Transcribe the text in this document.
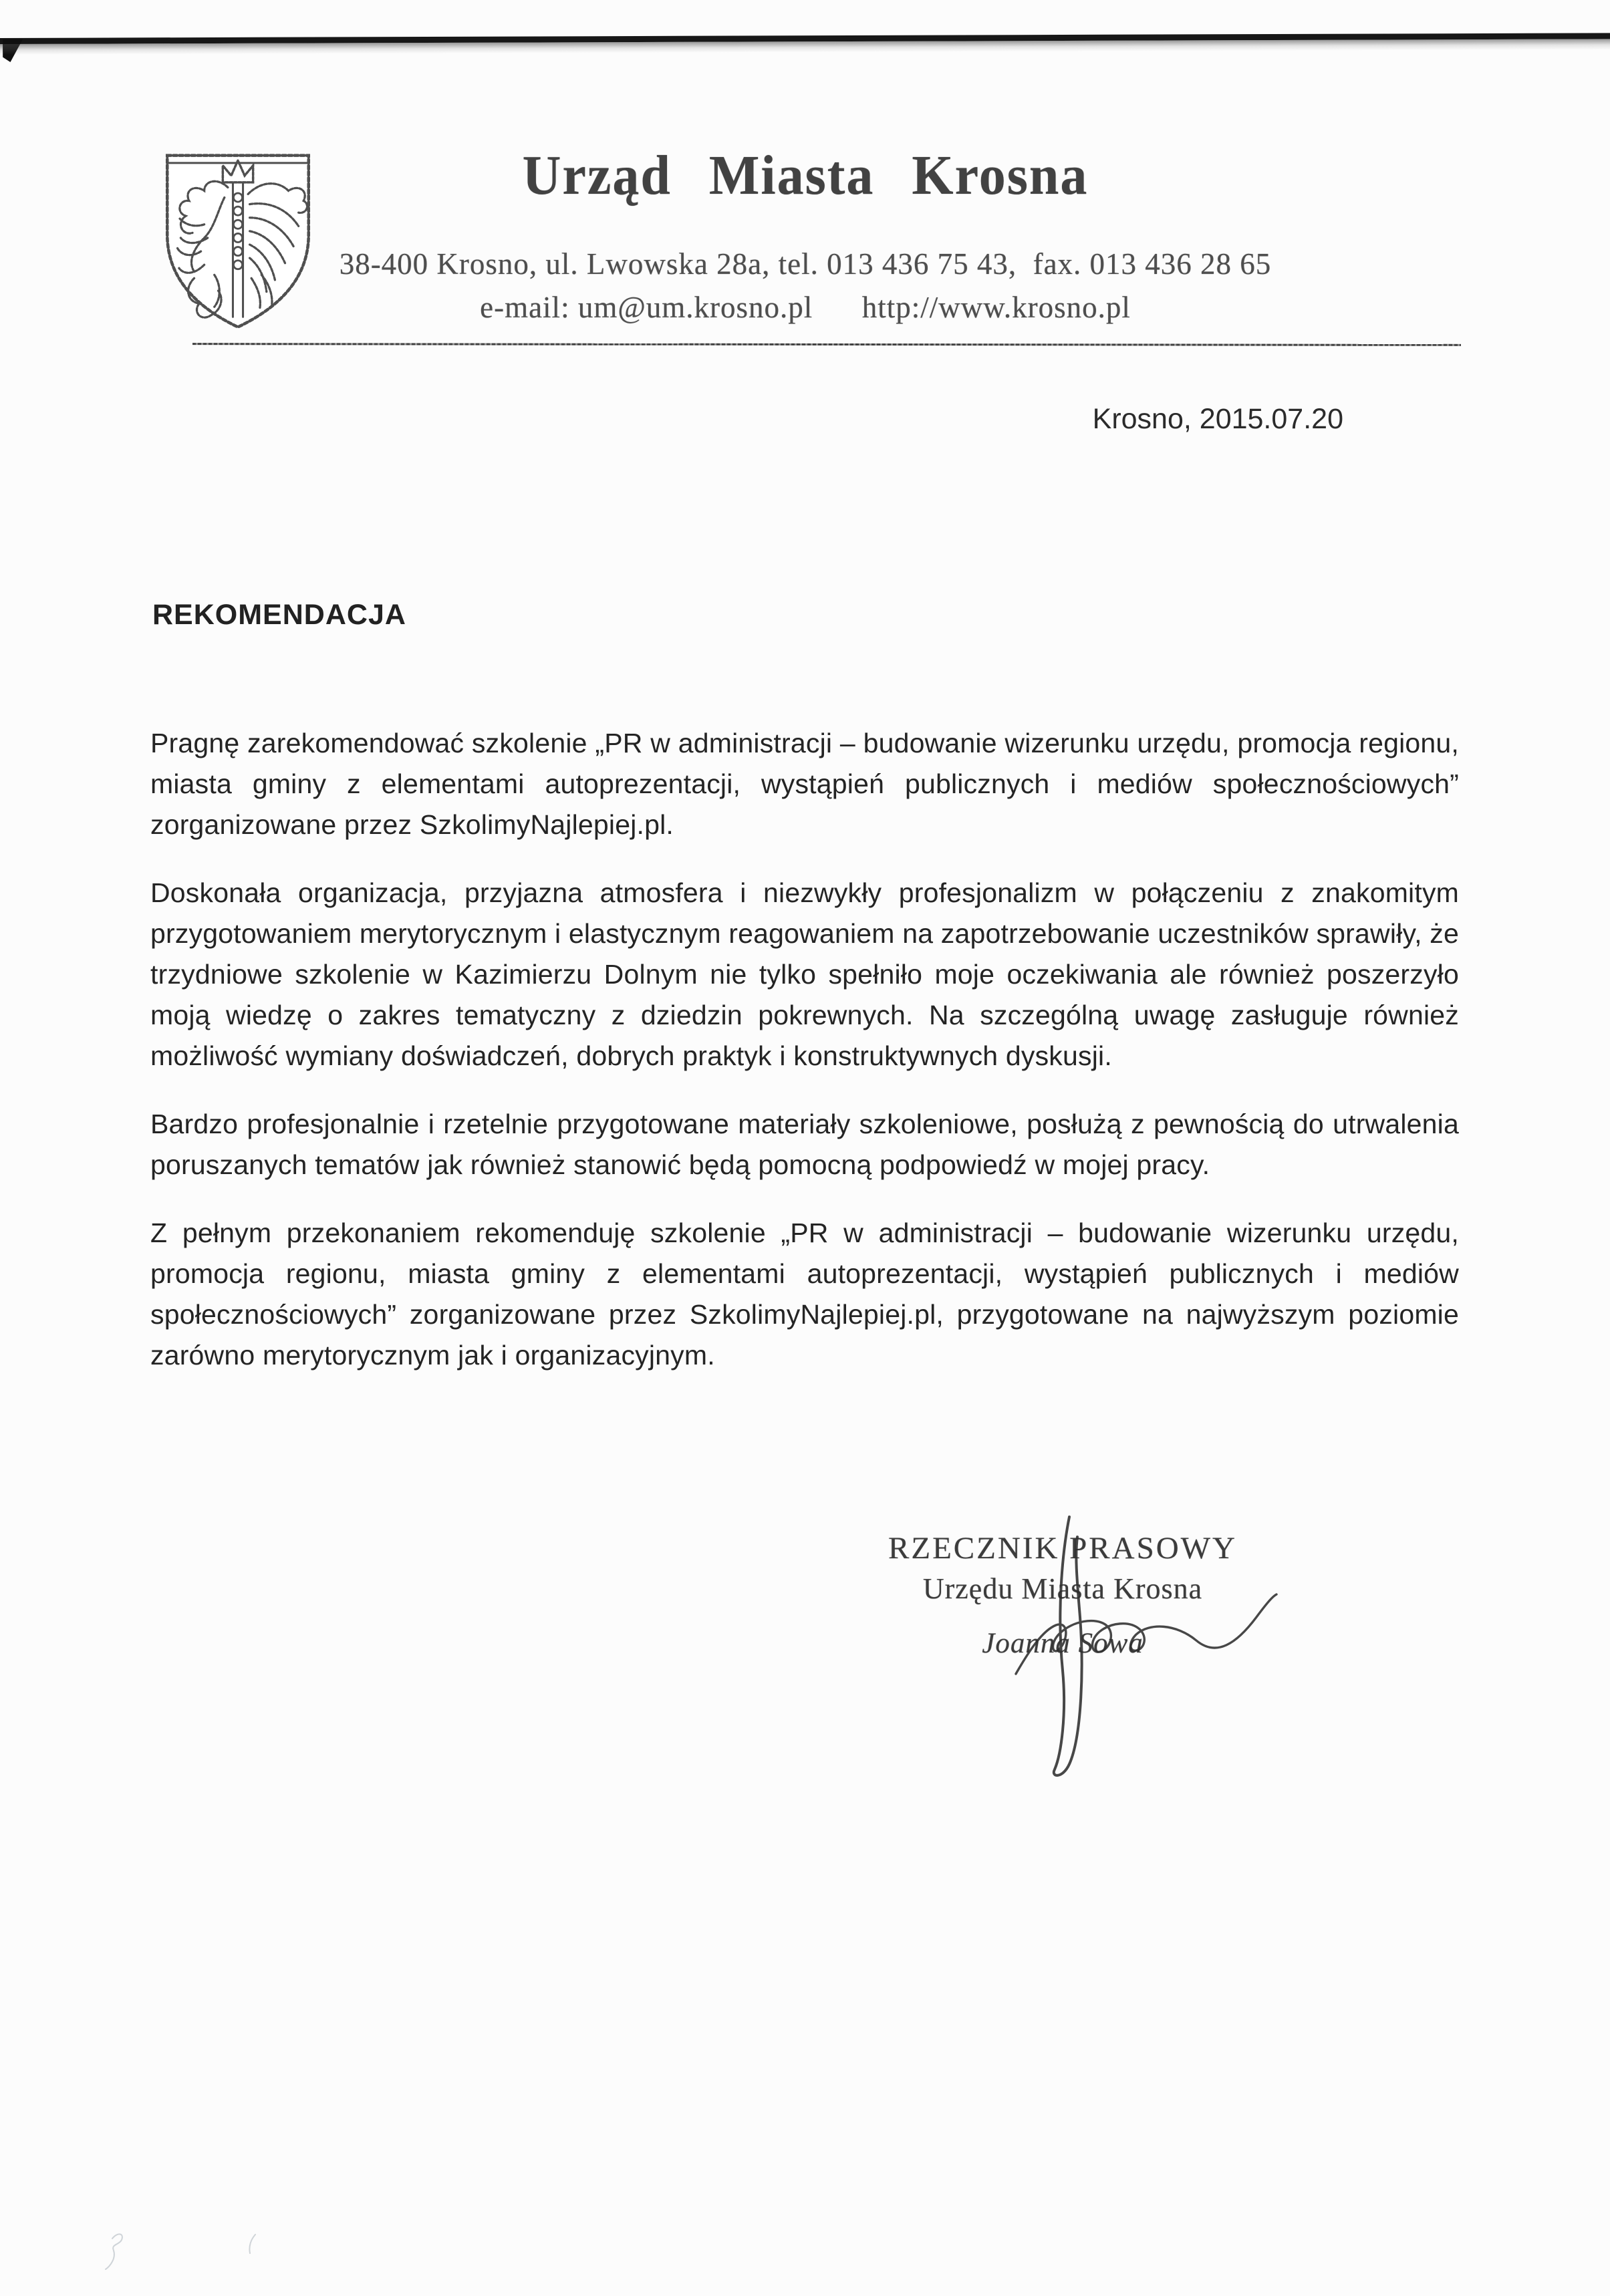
Urząd Miasta Krosna
38-400 Krosno, ul. Lwowska 28a, tel. 013 436 75 43,  fax. 013 436 28 65
e-mail: um@um.krosno.pl      http://www.krosno.pl
Krosno, 2015.07.20
REKOMENDACJA

Pragnę zarekomendować szkolenie „PR w administracji – budowanie wizerunku urzędu, promocja regionu, miasta gminy z elementami autoprezentacji, wystąpień publicznych i mediów społecznościowych” zorganizowane przez SzkolimyNajlepiej.pl.

Doskonała organizacja, przyjazna atmosfera i niezwykły profesjonalizm w połączeniu z znakomitym przygotowaniem merytorycznym i elastycznym reagowaniem na zapotrzebowanie uczestników sprawiły, że trzydniowe szkolenie w Kazimierzu Dolnym nie tylko spełniło moje oczekiwania ale również poszerzyło moją wiedzę o zakres tematyczny z dziedzin pokrewnych. Na szczególną uwagę zasługuje również możliwość wymiany doświadczeń, dobrych praktyk i konstruktywnych dyskusji.

Bardzo profesjonalnie i rzetelnie przygotowane materiały szkoleniowe, posłużą z pewnością do utrwalenia poruszanych tematów jak również stanowić będą pomocną podpowiedź w mojej pracy.

Z pełnym przekonaniem rekomenduję szkolenie „PR w administracji – budowanie wizerunku urzędu, promocja regionu, miasta gminy z elementami autoprezentacji, wystąpień publicznych i mediów społecznościowych” zorganizowane przez SzkolimyNajlepiej.pl, przygotowane na najwyższym poziomie zarówno merytorycznym jak i organizacyjnym.

RZECZNIK PRASOWY
Urzędu Miasta Krosna
Joanna Sowa
